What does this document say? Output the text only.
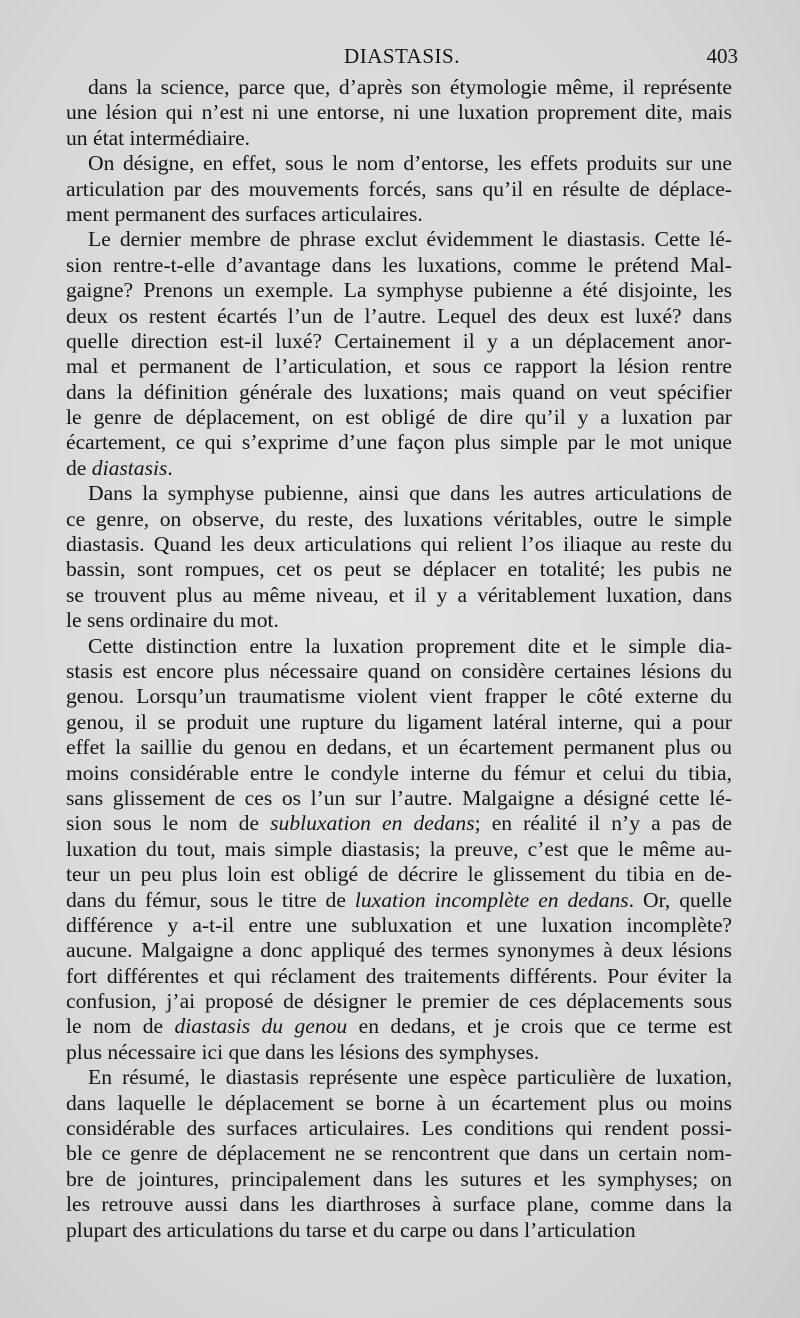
DIASTASIS.	403
dans la science, parce que, d’après son étymologie même, il représente
une lésion qui n’est ni une entorse, ni une luxation proprement dite, mais
un état intermédiaire.
On désigne, en effet, sous le nom d’entorse, les effets produits sur une
articulation par des mouvements forcés, sans qu’il en résulte de déplace-
ment permanent des surfaces articulaires.
Le dernier membre de phrase exclut évidemment le diastasis. Cette lé-
sion rentre-t-elle d’avantage dans les luxations, comme le prétend Mal-
gaigne? Prenons un exemple. La symphyse pubienne a été disjointe, les
deux os restent écartés l’un de l’autre. Lequel des deux est luxé? dans
quelle direction est-il luxé? Certainement il y a un déplacement anor-
mal et permanent de l’articulation, et sous ce rapport la lésion rentre
dans la définition générale des luxations; mais quand on veut spécifier
le genre de déplacement, on est obligé de dire qu’il y a luxation par
écartement, ce qui s’exprime d’une façon plus simple par le mot unique
de diastasis.
Dans la symphyse pubienne, ainsi que dans les autres articulations de
ce genre, on observe, du reste, des luxations véritables, outre le simple
diastasis. Quand les deux articulations qui relient l’os iliaque au reste du
bassin, sont rompues, cet os peut se déplacer en totalité; les pubis ne
se trouvent plus au même niveau, et il y a véritablement luxation, dans
le sens ordinaire du mot.
Cette distinction entre la luxation proprement dite et le simple dia-
stasis est encore plus nécessaire quand on considère certaines lésions du
genou. Lorsqu’un traumatisme violent vient frapper le côté externe du
genou, il se produit une rupture du ligament latéral interne, qui a pour
effet la saillie du genou en dedans, et un écartement permanent plus ou
moins considérable entre le condyle interne du fémur et celui du tibia,
sans glissement de ces os l’un sur l’autre. Malgaigne a désigné cette lé-
sion sous le nom de subluxation en dedans; en réalité il n’y a pas de
luxation du tout, mais simple diastasis; la preuve, c’est que le même au-
teur un peu plus loin est obligé de décrire le glissement du tibia en de-
dans du fémur, sous le titre de luxation incomplète en dedans. Or, quelle
différence y a-t-il entre une subluxation et une luxation incomplète?
aucune. Malgaigne a donc appliqué des termes synonymes à deux lésions
fort différentes et qui réclament des traitements différents. Pour éviter la
confusion, j’ai proposé de désigner le premier de ces déplacements sous
le nom de diastasis du genou en dedans, et je crois que ce terme est
plus nécessaire ici que dans les lésions des symphyses.
En résumé, le diastasis représente une espèce particulière de luxation,
dans laquelle le déplacement se borne à un écartement plus ou moins
considérable des surfaces articulaires. Les conditions qui rendent possi-
ble ce genre de déplacement ne se rencontrent que dans un certain nom-
bre de jointures, principalement dans les sutures et les symphyses; on
les retrouve aussi dans les diarthroses à surface plane, comme dans la
plupart des articulations du tarse et du carpe ou dans l’articulation
